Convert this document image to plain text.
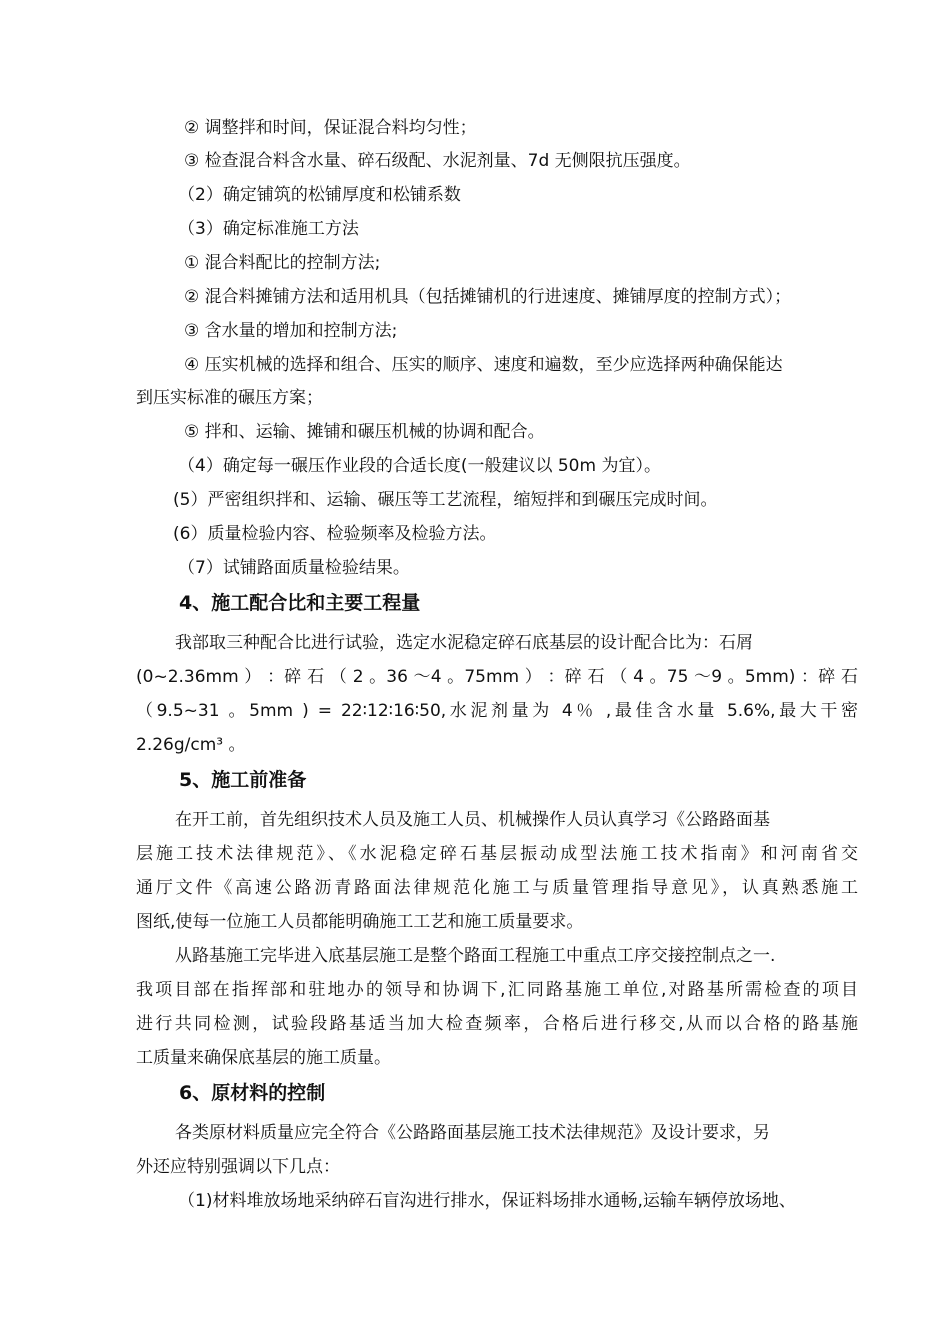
② 调整拌和时间，保证混合料均匀性；
③ 检查混合料含水量、碎石级配、水泥剂量、7d 无侧限抗压强度。
（2）确定铺筑的松铺厚度和松铺系数
（3）确定标准施工方法
① 混合料配比的控制方法;
② 混合料摊铺方法和适用机具（包括摊铺机的行进速度、摊铺厚度的控制方式）；
③ 含水量的增加和控制方法;
④ 压实机械的选择和组合、压实的顺序、速度和遍数，至少应选择两种确保能达
到压实标准的碾压方案；
⑤ 拌和、运输、摊铺和碾压机械的协调和配合。
（4）确定每一碾压作业段的合适长度(一般建议以 50m 为宜）。
(5）严密组织拌和、运输、碾压等工艺流程，缩短拌和到碾压完成时间。
(6）质量检验内容、检验频率及检验方法。
（7）试铺路面质量检验结果。
4、施工配合比和主要工程量
我部取三种配合比进行试验，选定水泥稳定碎石底基层的设计配合比为：石屑
(0~2.36mm ） ：碎 石 （ 2 。36 ～4 。75mm ） ：碎 石 （ 4 。75 ～9 。5mm) ：碎 石
（9.5~31 。5mm ) = 22∶12∶16∶50,水泥剂量为 4％ ,最佳含水量 5.6%,最大干密
2.26g/cm³ 。
5、施工前准备
在开工前，首先组织技术人员及施工人员、机械操作人员认真学习《公路路面基
层施工技术法律规范》、《水泥稳定碎石基层振动成型法施工技术指南》和河南省交
通厅文件《高速公路沥青路面法律规范化施工与质量管理指导意见》，认真熟悉施工
图纸,使每一位施工人员都能明确施工工艺和施工质量要求。
从路基施工完毕进入底基层施工是整个路面工程施工中重点工序交接控制点之一.
我项目部在指挥部和驻地办的领导和协调下,汇同路基施工单位,对路基所需检查的项目
进行共同检测，试验段路基适当加大检查频率，合格后进行移交,从而以合格的路基施
工质量来确保底基层的施工质量。
6、原材料的控制
各类原材料质量应完全符合《公路路面基层施工技术法律规范》及设计要求，另
外还应特别强调以下几点：
（1)材料堆放场地采纳碎石盲沟进行排水，保证料场排水通畅,运输车辆停放场地、
